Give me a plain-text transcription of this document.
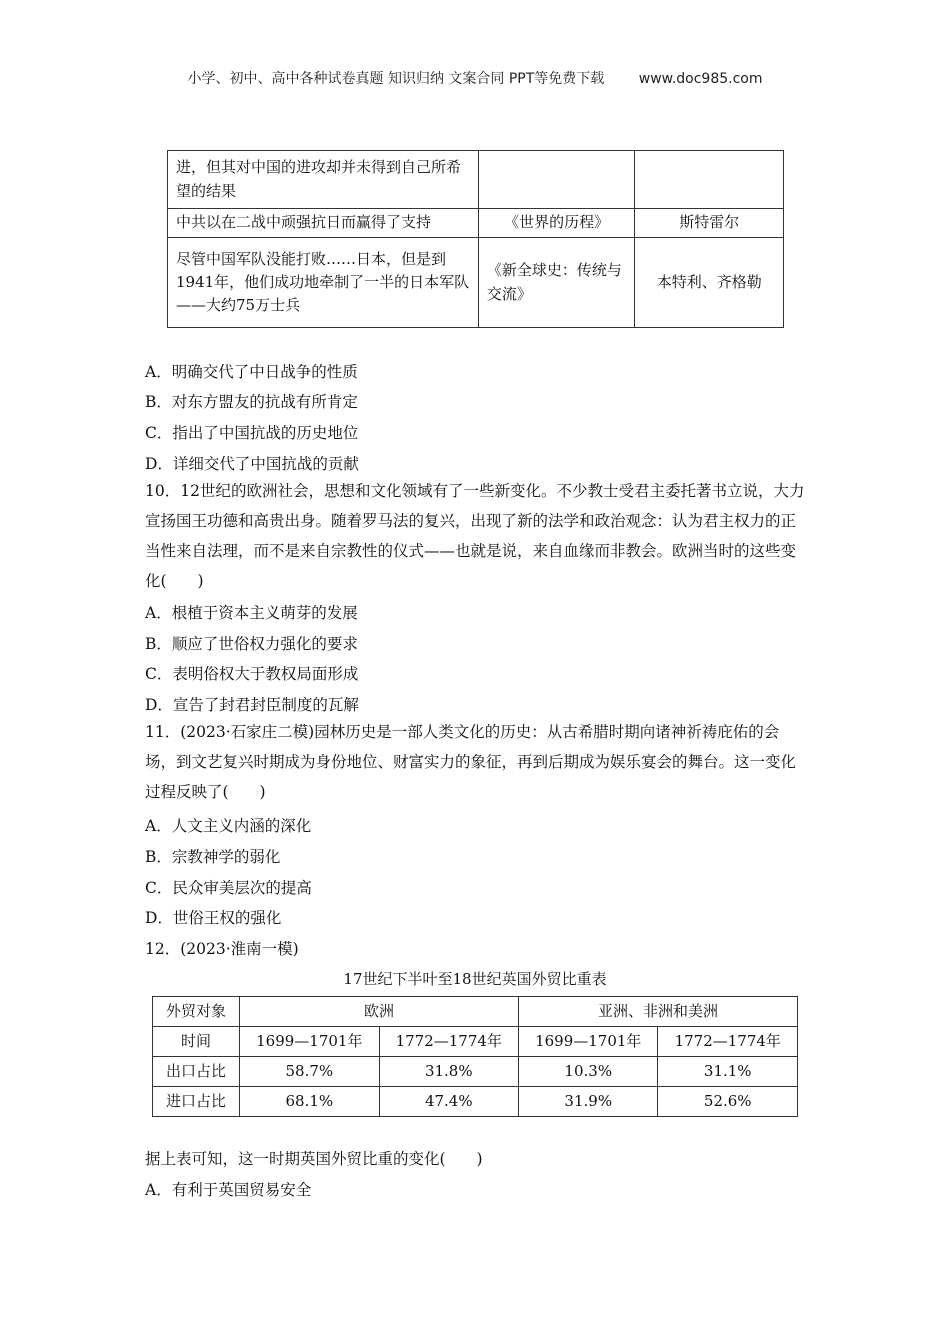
小学、初中、高中各种试卷真题 知识归纳 文案合同 PPT等免费下载 www.doc985.com
进，但其对中国的进攻却并未得到自己所希望的结果		
中共以在二战中顽强抗日而赢得了支持	《世界的历程》	斯特雷尔
尽管中国军队没能打败……日本，但是到1941年，他们成功地牵制了一半的日本军队——大约75万士兵	《新全球史：传统与交流》	本特利、齐格勒
A．明确交代了中日战争的性质
B．对东方盟友的抗战有所肯定
C．指出了中国抗战的历史地位
D．详细交代了中国抗战的贡献
10．12世纪的欧洲社会，思想和文化领域有了一些新变化。不少教士受君主委托著书立说，大力宣扬国王功德和高贵出身。随着罗马法的复兴，出现了新的法学和政治观念：认为君主权力的正当性来自法理，而不是来自宗教性的仪式——也就是说，来自血缘而非教会。欧洲当时的这些变化(　　)
A．根植于资本主义萌芽的发展
B．顺应了世俗权力强化的要求
C．表明俗权大于教权局面形成
D．宣告了封君封臣制度的瓦解
11．(2023·石家庄二模)园林历史是一部人类文化的历史：从古希腊时期向诸神祈祷庇佑的会场，到文艺复兴时期成为身份地位、财富实力的象征，再到后期成为娱乐宴会的舞台。这一变化过程反映了(　　)
A．人文主义内涵的深化
B．宗教神学的弱化
C．民众审美层次的提高
D．世俗王权的强化
12．(2023·淮南一模)
17世纪下半叶至18世纪英国外贸比重表
外贸对象	欧洲		亚洲、非洲和美洲	
时间	1699—1701年	1772—1774年	1699—1701年	1772—1774年
出口占比	58.7%	31.8%	10.3%	31.1%
进口占比	68.1%	47.4%	31.9%	52.6%
据上表可知，这一时期英国外贸比重的变化(　　)
A．有利于英国贸易安全
